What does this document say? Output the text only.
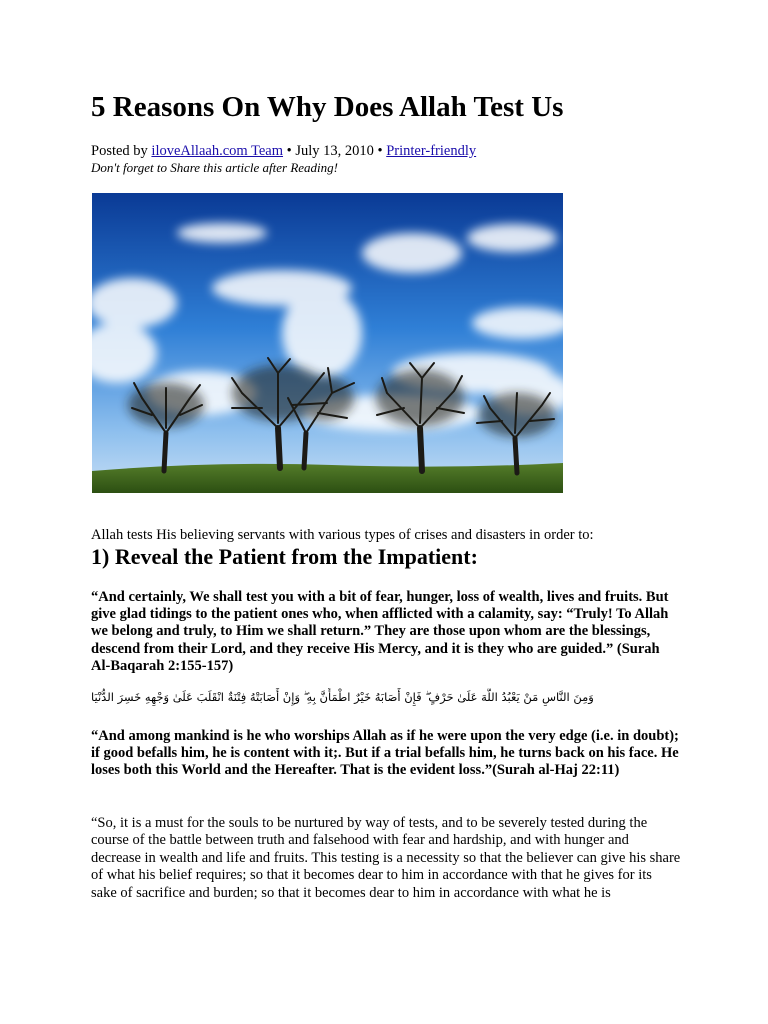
5 Reasons On Why Does Allah Test Us
Posted by iloveAllaah.com Team • July 13, 2010 • Printer-friendly
Don't forget to Share this article after Reading!

Allah tests His believing servants with various types of crises and disasters in order to:

1) Reveal the Patient from the Impatient:

“And certainly, We shall test you with a bit of fear, hunger, loss of wealth, lives and fruits. But give glad tidings to the patient ones who, when afflicted with a calamity, say: “Truly! To Allah we belong and truly, to Him we shall return.” They are those upon whom are the blessings, descend from their Lord, and they receive His Mercy, and it is they who are guided.” (Surah Al-Baqarah 2:155-157)

وَمِنَ النَّاسِ مَنْ يَعْبُدُ اللَّهَ عَلَىٰ حَرْفٍ ۖ فَإِنْ أَصَابَهُ خَيْرٌ اطْمَأَنَّ بِهِ ۖ وَإِنْ أَصَابَتْهُ فِتْنَةٌ انْقَلَبَ عَلَىٰ وَجْهِهِ خَسِرَ الدُّنْيَا

“And among mankind is he who worships Allah as if he were upon the very edge (i.e. in doubt); if good befalls him, he is content with it;. But if a trial befalls him, he turns back on his face. He loses both this World and the Hereafter. That is the evident loss.”(Surah al-Haj 22:11)

“So, it is a must for the souls to be nurtured by way of tests, and to be severely tested during the course of the battle between truth and falsehood with fear and hardship, and with hunger and decrease in wealth and life and fruits. This testing is a necessity so that the believer can give his share of what his belief requires; so that it becomes dear to him in accordance with that he gives for its sake of sacrifice and burden; so that it becomes dear to him in accordance with what he is
